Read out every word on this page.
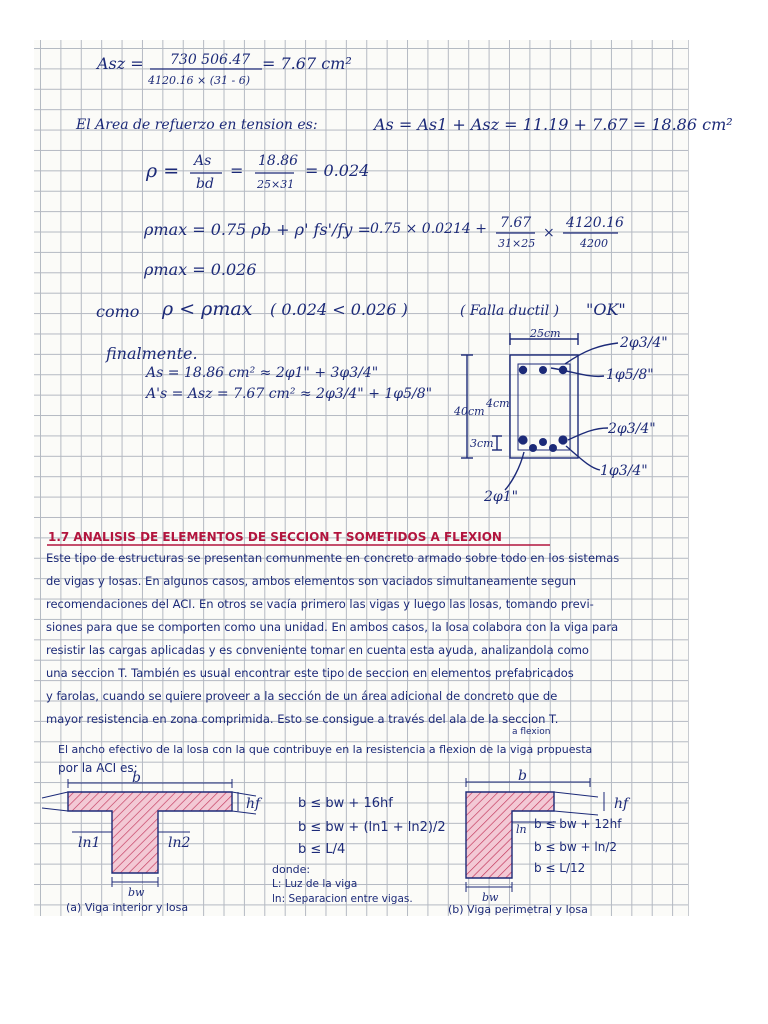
Asz = 730 506.47
4120.16 × (31 - 6)
= 7.67 cm²
El Area de refuerzo en tension es:	As = As1 + Asz = 11.19 + 7.67 = 18.86 cm²
ρ = As
bd
= 18.86
25×31
= 0.024
ρmax = 0.75 ρb + ρ' fs'/fy = 0.75 × 0.0214 + 7.67
31×25
×
4120.16
4200
ρmax = 0.026
como ρ < ρmax ( 0.024 < 0.026 )	( Falla ductil ) "OK"
finalmente.
As = 18.86 cm² ≈ 2φ1" + 3φ3/4"
A's = Asz = 7.67 cm² ≈ 2φ3/4" + 1φ5/8"
25cm
40cm
4cm
3cm
2φ3/4"
1φ5/8"
2φ3/4"
1φ3/4"
2φ1"
1.7 ANALISIS DE ELEMENTOS DE SECCION T SOMETIDOS A FLEXION
Este tipo de estructuras se presentan comunmente en concreto armado sobre todo en los sistemas
de vigas y losas. En algunos casos, ambos elementos son vaciados simultaneamente segun
recomendaciones del ACI. En otros se vacía primero las vigas y luego las losas, tomando previ-
siones para que se comporten como una unidad. En ambos casos, la losa colabora con la viga para
resistir las cargas aplicadas y es conveniente tomar en cuenta esta ayuda, analizandola como
una seccion T. También es usual encontrar este tipo de seccion en elementos prefabricados
y farolas, cuando se quiere proveer a la sección de un área adicional de concreto que de
mayor resistencia en zona comprimida. Esto se consigue a través del ala de la seccion T.
El ancho efectivo de la losa con la que contribuye en la resistencia a flexion de la viga propuesta
a flexion
por la ACI es:
b
hf
ln1	ln2
bw
(a) Viga interior y losa
b ≤ bw + 16hf
b ≤ bw + (ln1 + ln2)/2
b ≤ L/4
donde:
L: Luz de la viga
ln: Separacion entre vigas.
b
hf
ln
bw
(b) Viga perimetral y losa
b ≤ bw + 12hf
b ≤ bw + ln/2
b ≤ L/12
